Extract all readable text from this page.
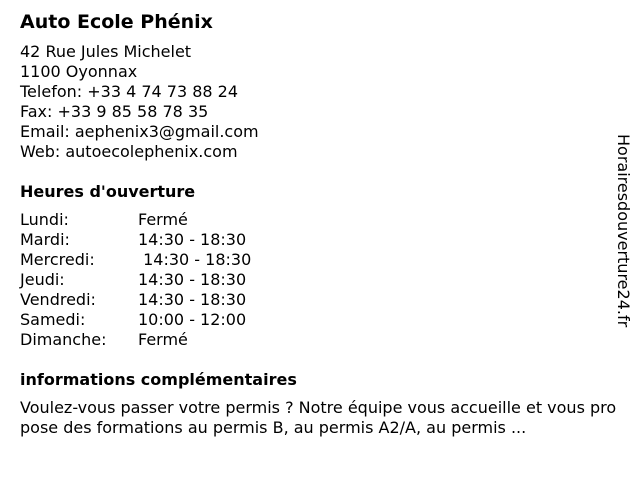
Auto Ecole Phénix
42 Rue Jules Michelet
1100 Oyonnax
Telefon: +33 4 74 73 88 24
Fax: +33 9 85 58 78 35
Email: aephenix3@gmail.com
Web: autoecolephenix.com
Heures d'ouverture
Lundi:	Fermé
Mardi:	14:30 - 18:30
Mercredi:	14:30 - 18:30
Jeudi:	14:30 - 18:30
Vendredi:	14:30 - 18:30
Samedi:	10:00 - 12:00
Dimanche:	Fermé
informations complémentaires
Voulez-vous passer votre permis ? Notre équipe vous accueille et vous propose des formations au permis B, au permis A2/A, au permis ...
Horairesdouverture24.fr
